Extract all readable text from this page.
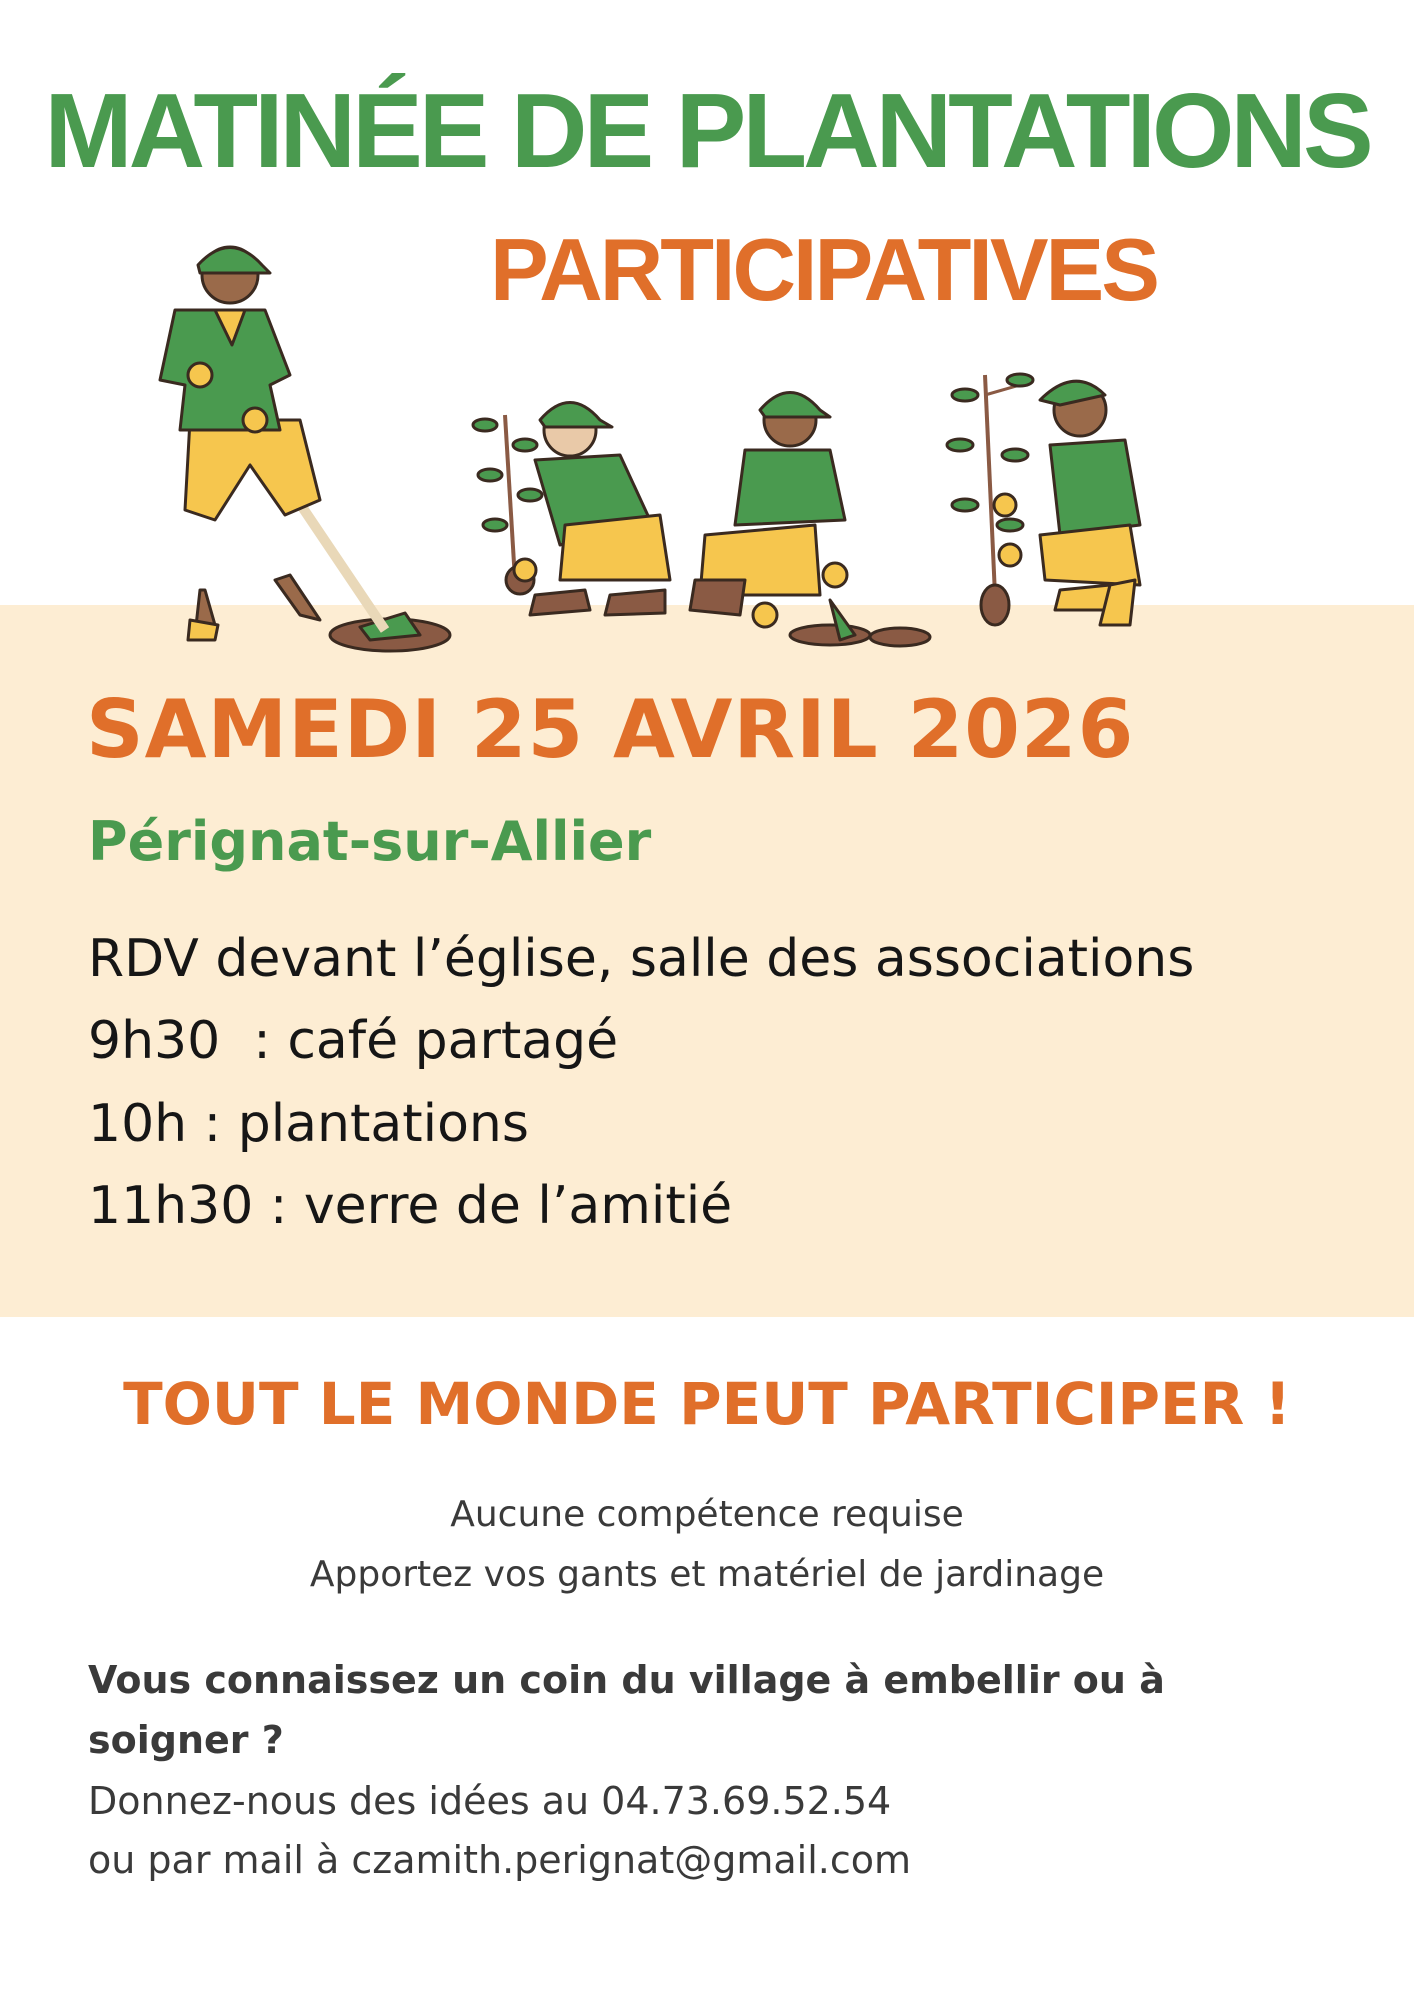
MATINÉE DE PLANTATIONS
PARTICIPATIVES
SAMEDI 25 AVRIL 2026
Pérignat-sur-Allier
RDV devant l’église, salle des associations
9h30  : café partagé
10h : plantations
11h30 : verre de l’amitié
TOUT LE MONDE PEUT PARTICIPER !
Aucune compétence requise
Apportez vos gants et matériel de jardinage
Vous connaissez un coin du village à embellir ou à soigner ?
Donnez-nous des idées au 04.73.69.52.54
ou par mail à czamith.perignat@gmail.com
